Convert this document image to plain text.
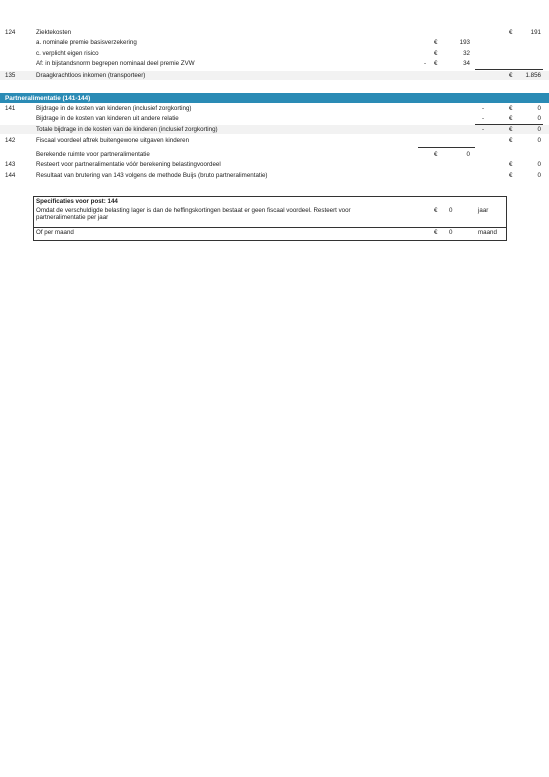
124	Ziektekosten	€	191
a. nominale premie basisverzekering	€	193
c. verplicht eigen risico	€	32
Af: in bijstandsnorm begrepen nominaal deel premie ZVW	- €	34
135	Draagkrachtloos inkomen (transporteer)	€	1.856
Partneralimentatie (141-144)
141	Bijdrage in de kosten van kinderen (inclusief zorgkorting)	-	€	0
Bijdrage in de kosten van kinderen uit andere relatie	-	€	0
Totale bijdrage in de kosten van de kinderen (inclusief zorgkorting)	-	€	0
142	Fiscaal voordeel aftrek buitengewone uitgaven kinderen	€	0
Berekende ruimte voor partneralimentatie	€	0
143	Resteert voor partneralimentatie vóór berekening belastingvoordeel	€	0
144	Resultaat van brutering van 143 volgens de methode Buijs (bruto partneralimentatie)	€	0
Specificaties voor post: 144
Omdat de verschuldigde belasting lager is dan de heffingskortingen bestaat er geen fiscaal voordeel. Resteert voor
partneralimentatie per jaar
€ 0	jaar
Of per maand	€ 0	maand
